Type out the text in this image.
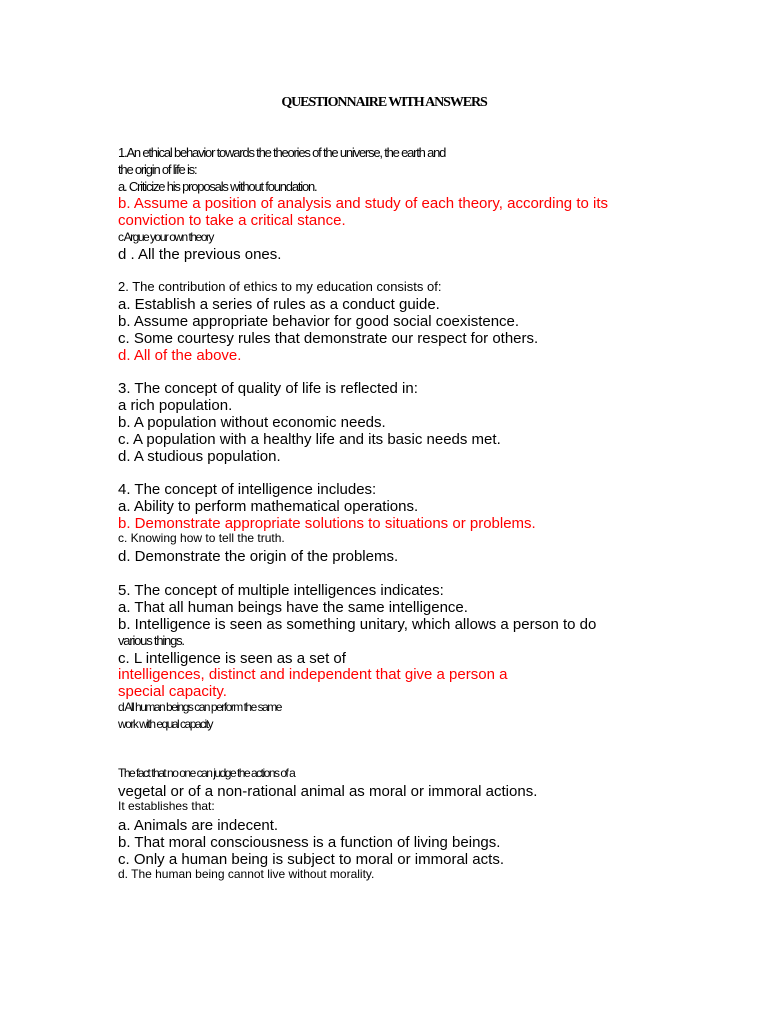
QUESTIONNAIRE WITH ANSWERS
1.An ethical behavior towards the theories of the universe, the earth and
the origin of life is:
a. Criticize his proposals without foundation.
b. Assume a position of analysis and study of each theory, according to its
conviction to take a critical stance.
c Argue your own theory
d . All the previous ones.
2. The contribution of ethics to my education consists of:
a. Establish a series of rules as a conduct guide.
b. Assume appropriate behavior for good social coexistence.
c. Some courtesy rules that demonstrate our respect for others.
d. All of the above.
3. The concept of quality of life is reflected in:
a rich population.
b. A population without economic needs.
c. A population with a healthy life and its basic needs met.
d. A studious population.
4. The concept of intelligence includes:
a. Ability to perform mathematical operations.
b. Demonstrate appropriate solutions to situations or problems.
c. Knowing how to tell the truth.
d. Demonstrate the origin of the problems.
5. The concept of multiple intelligences indicates:
a. That all human beings have the same intelligence.
b. Intelligence is seen as something unitary, which allows a person to do
various things.
c. L intelligence is seen as a set of
intelligences, distinct and independent that give a person a
special capacity.
d All human beings can perform the same
work with equal capacity
The fact that no one can judge the actions of a
vegetal or of a non-rational animal as moral or immoral actions.
It establishes that:
a. Animals are indecent.
b. That moral consciousness is a function of living beings.
c. Only a human being is subject to moral or immoral acts.
d. The human being cannot live without morality.
